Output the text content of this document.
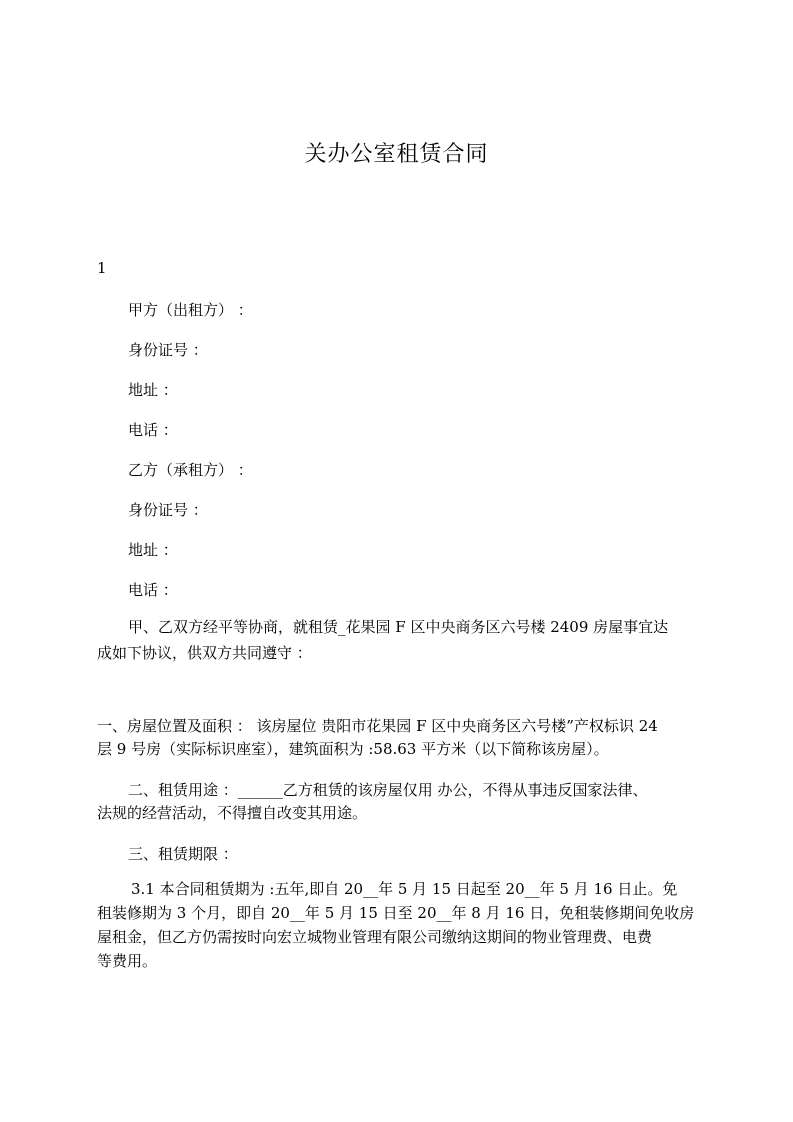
关办公室租赁合同
1
甲方（出租方） ：
身份证号 ：
地址 ：
电话 ：
乙方（承租方） ：
身份证号 ：
地址 ：
电话 ：
甲、乙双方经平等协商，就租赁_花果园 F 区中央商务区六号楼 2409 房屋事宜达
成如下协议，供双方共同遵守 ：
一、房屋位置及面积 ： 该房屋位 贵阳市花果园 F 区中央商务区六号楼”产权标识 24
层 9 号房（实际标识座室），建筑面积为 :58.63 平方米（以下简称该房屋）。
二、租赁用途 ：______乙方租赁的该房屋仅用 办公，不得从事违反国家法律、
法规的经营活动，不得擅自改变其用途。
三、租赁期限 ：
3.1 本合同租赁期为 :五年,即自 20__年 5 月 15 日起至 20__年 5 月 16 日止。免
租装修期为 3 个月，即自 20__年 5 月 15 日至 20__年 8 月 16 日，免租装修期间免收房
屋租金，但乙方仍需按时向宏立城物业管理有限公司缴纳这期间的物业管理费、电费
等费用。
